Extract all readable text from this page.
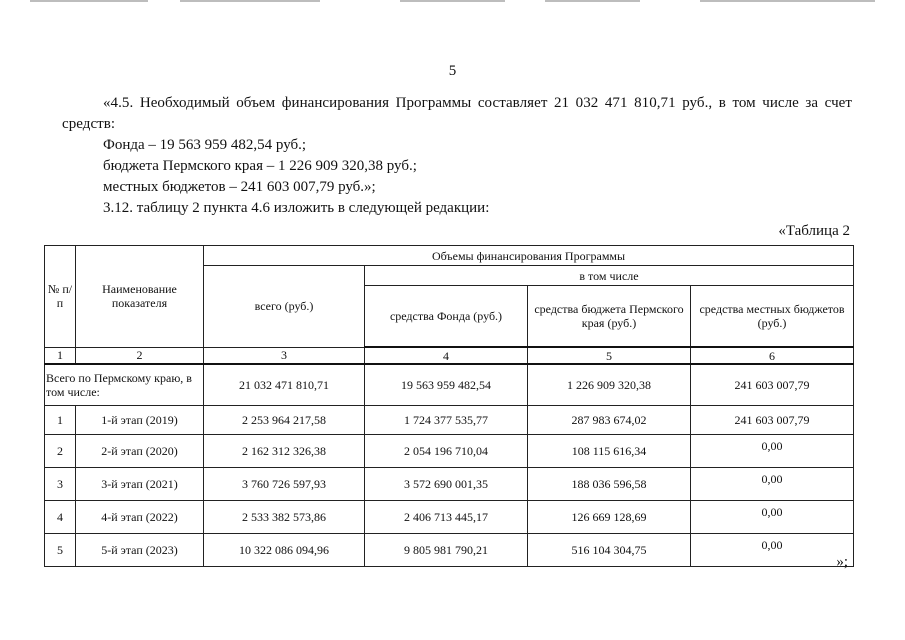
5
«4.5. Необходимый объем финансирования Программы составляет 21 032 471 810,71 руб., в том числе за счет средств:
Фонда – 19 563 959 482,54 руб.;
бюджета Пермского края – 1 226 909 320,38 руб.;
местных бюджетов – 241 603 007,79 руб.»;
3.12. таблицу 2 пункта 4.6 изложить в следующей редакции:
«Таблица 2
№ п/п	Наименование показателя	Объемы финансирования Программы			
		всего (руб.)	в том числе		
			средства Фонда (руб.)	средства бюджета Пермского края (руб.)	средства местных бюджетов (руб.)
1	2	3	4	5	6
Всего по Пермскому краю, в том числе:		21 032 471 810,71	19 563 959 482,54	1 226 909 320,38	241 603 007,79
1	1-й этап (2019)	2 253 964 217,58	1 724 377 535,77	287 983 674,02	241 603 007,79
2	2-й этап (2020)	2 162 312 326,38	2 054 196 710,04	108 115 616,34	0,00
3	3-й этап (2021)	3 760 726 597,93	3 572 690 001,35	188 036 596,58	0,00
4	4-й этап (2022)	2 533 382 573,86	2 406 713 445,17	126 669 128,69	0,00
5	5-й этап (2023)	10 322 086 094,96	9 805 981 790,21	516 104 304,75	0,00
»;
